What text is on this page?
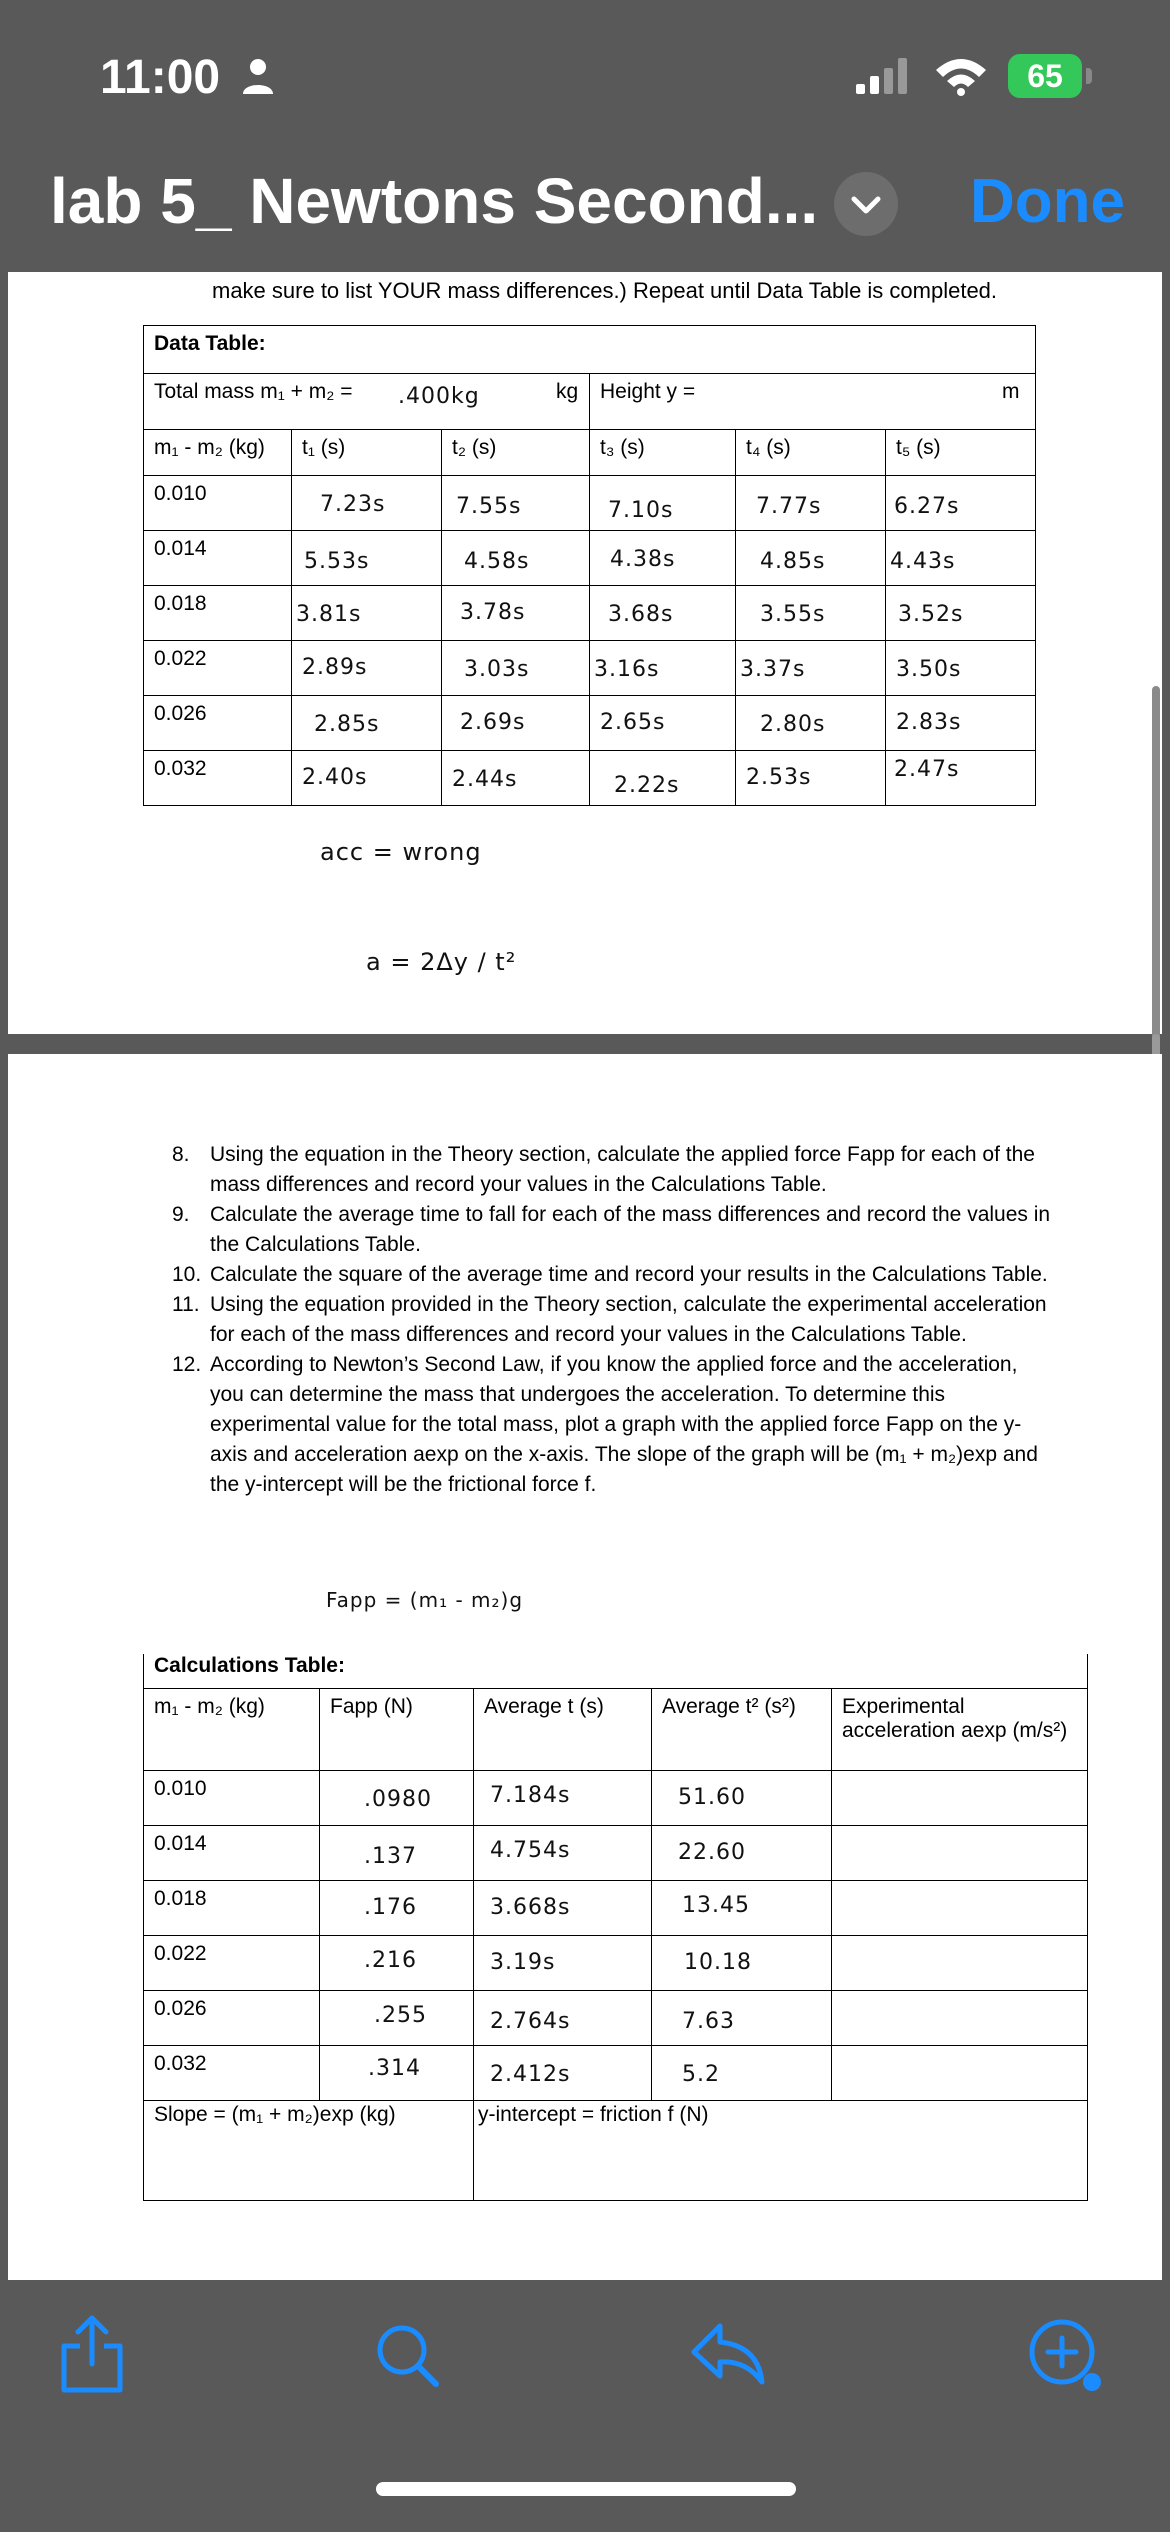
11:00	65
lab 5_ Newtons Second... Done
make sure to list YOUR mass differences.) Repeat until Data Table is completed.
Data Table:					

Total mass m₁ + m₂ = .400kg kg			Height y = m		

m₁ - m₂ (kg)	t₁ (s)	t₂ (s)	t₃ (s)	t₄ (s)	t₅ (s)

0.010	7.23s	7.55s	7.10s	7.77s	6.27s

0.014	5.53s	4.58s	4.38s	4.85s	4.43s

0.018	3.81s	3.78s	3.68s	3.55s	3.52s

0.022	2.89s	3.03s	3.16s	3.37s	3.50s

0.026	2.85s	2.69s	2.65s	2.80s	2.83s

0.032	2.40s	2.44s	2.22s	2.53s	2.47s
acc = wrong
a = 2Δy / t²
8. Using the equation in the Theory section, calculate the applied force Fapp for each of the mass differences and record your values in the Calculations Table.
9. Calculate the average time to fall for each of the mass differences and record the values in the Calculations Table.
10. Calculate the square of the average time and record your results in the Calculations Table.
11. Using the equation provided in the Theory section, calculate the experimental acceleration for each of the mass differences and record your values in the Calculations Table.
12. According to Newton’s Second Law, if you know the applied force and the acceleration, you can determine the mass that undergoes the acceleration. To determine this experimental value for the total mass, plot a graph with the applied force Fapp on the y-axis and acceleration aexp on the x-axis. The slope of the graph will be (m₁ + m₂)exp and the y-intercept will be the frictional force f.
Fapp = (m₁ - m₂)g
Calculations Table:				

m₁ - m₂ (kg)	Fapp (N)	Average t (s)	Average t² (s²)	Experimental acceleration aexp (m/s²)

0.010	.0980	7.184s	51.60	

0.014	.137	4.754s	22.60	

0.018	.176	3.668s	13.45	

0.022	.216	3.19s	10.18	

0.026	.255	2.764s	7.63	

0.032	.314	2.412s	5.2	

Slope = (m₁ + m₂)exp (kg)		y-intercept = friction f (N)		
